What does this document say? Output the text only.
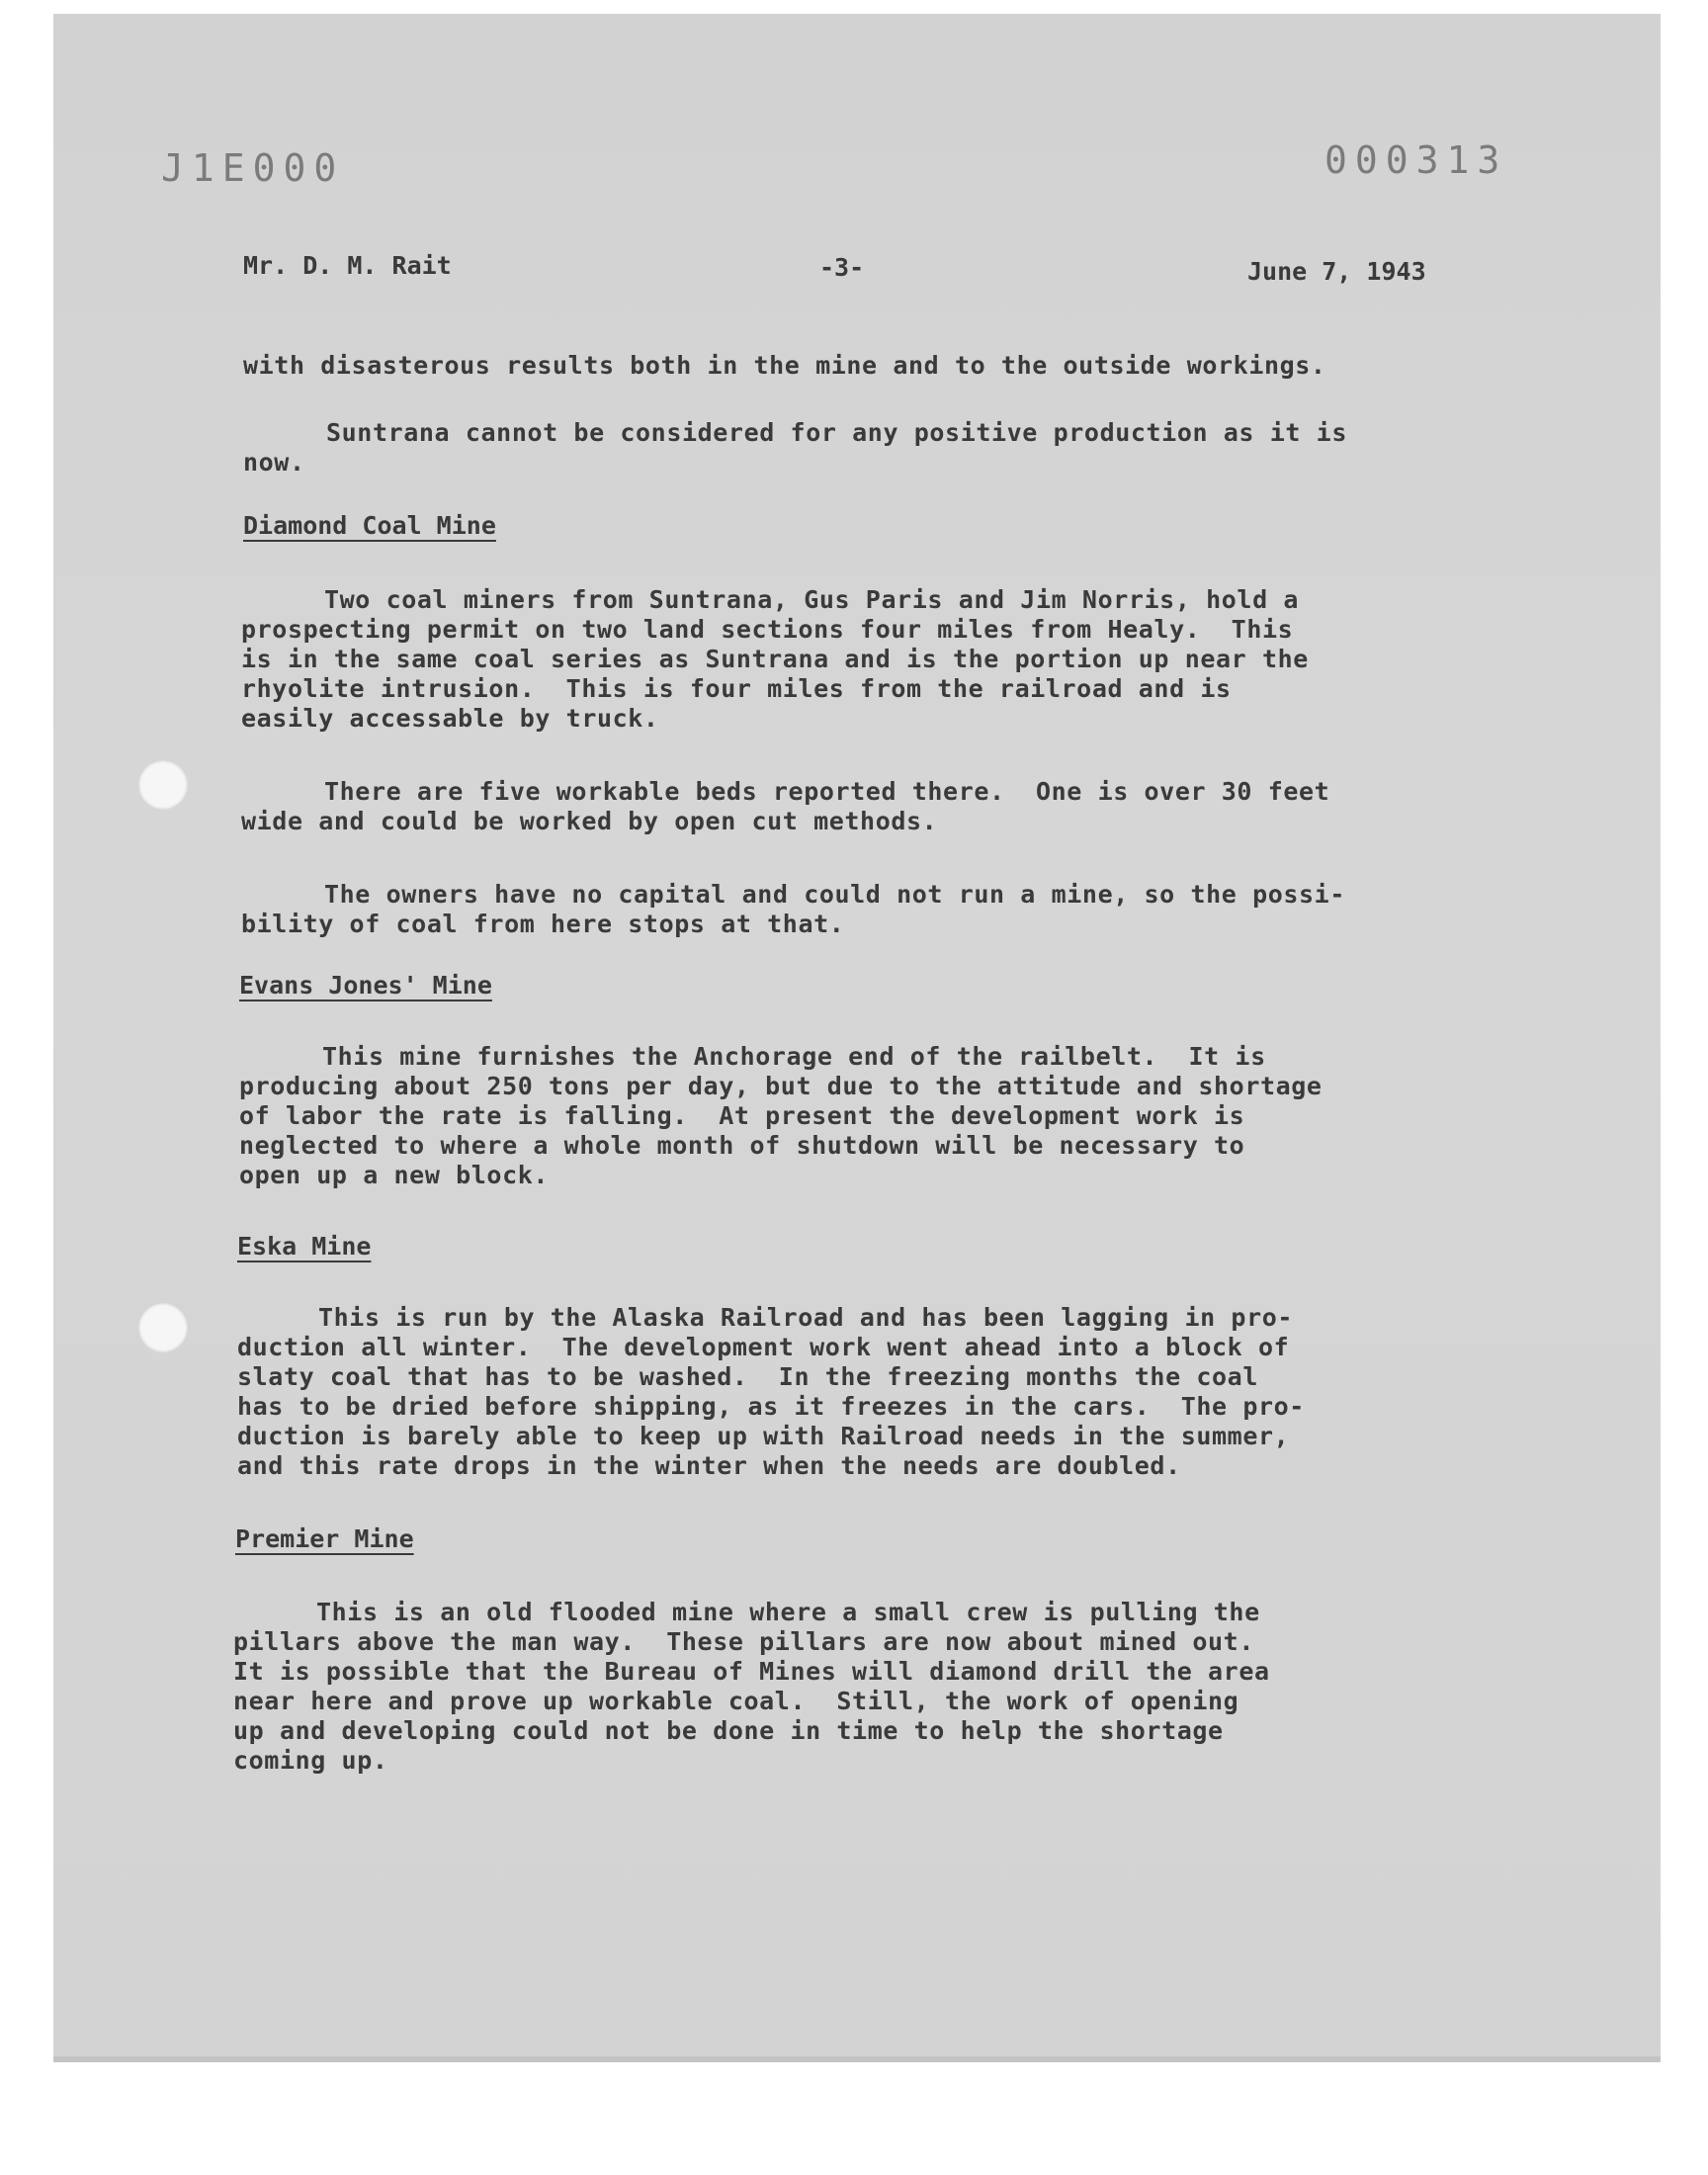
J1E000	000313
Mr. D. M. Rait	-3-	June 7, 1943
with disasterous results both in the mine and to the outside workings.
Suntrana cannot be considered for any positive production as it is
now.
Diamond Coal Mine
Two coal miners from Suntrana, Gus Paris and Jim Norris, hold a
prospecting permit on two land sections four miles from Healy.  This
is in the same coal series as Suntrana and is the portion up near the
rhyolite intrusion.  This is four miles from the railroad and is
easily accessable by truck.
There are five workable beds reported there.  One is over 30 feet
wide and could be worked by open cut methods.
The owners have no capital and could not run a mine, so the possi-
bility of coal from here stops at that.
Evans Jones' Mine
This mine furnishes the Anchorage end of the railbelt.  It is
producing about 250 tons per day, but due to the attitude and shortage
of labor the rate is falling.  At present the development work is
neglected to where a whole month of shutdown will be necessary to
open up a new block.
Eska Mine
This is run by the Alaska Railroad and has been lagging in pro-
duction all winter.  The development work went ahead into a block of
slaty coal that has to be washed.  In the freezing months the coal
has to be dried before shipping, as it freezes in the cars.  The pro-
duction is barely able to keep up with Railroad needs in the summer,
and this rate drops in the winter when the needs are doubled.
Premier Mine
This is an old flooded mine where a small crew is pulling the
pillars above the man way.  These pillars are now about mined out.
It is possible that the Bureau of Mines will diamond drill the area
near here and prove up workable coal.  Still, the work of opening
up and developing could not be done in time to help the shortage
coming up.
